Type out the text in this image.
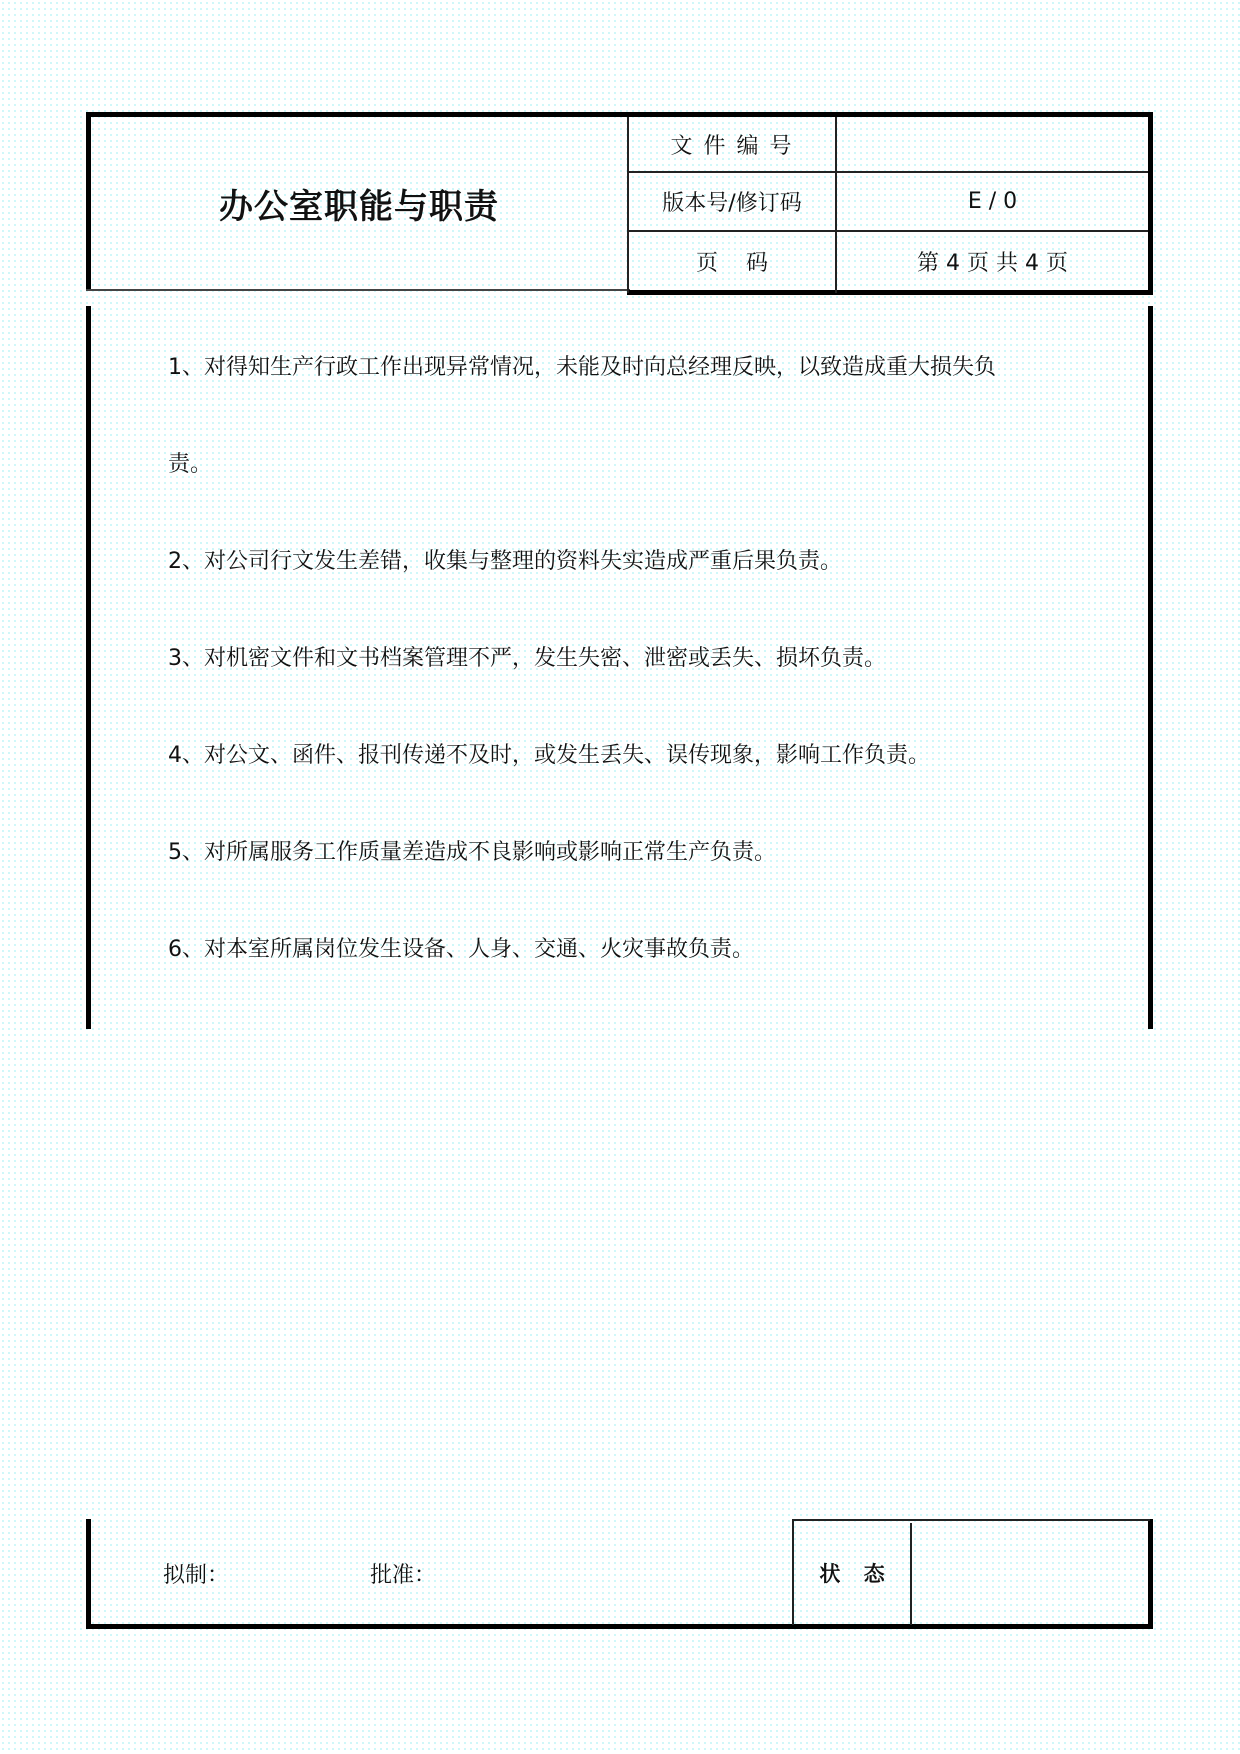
办公室职能与职责
文 件 编 号
版本号/修订码	E / 0
页    码	第 4 页 共 4 页
1、对得知生产行政工作出现异常情况，未能及时向总经理反映，以致造成重大损失负
责。
2、对公司行文发生差错，收集与整理的资料失实造成严重后果负责。
3、对机密文件和文书档案管理不严，发生失密、泄密或丢失、损坏负责。
4、对公文、函件、报刊传递不及时，或发生丢失、误传现象，影响工作负责。
5、对所属服务工作质量差造成不良影响或影响正常生产负责。
6、对本室所属岗位发生设备、人身、交通、火灾事故负责。
拟制：	批准：	状 态
